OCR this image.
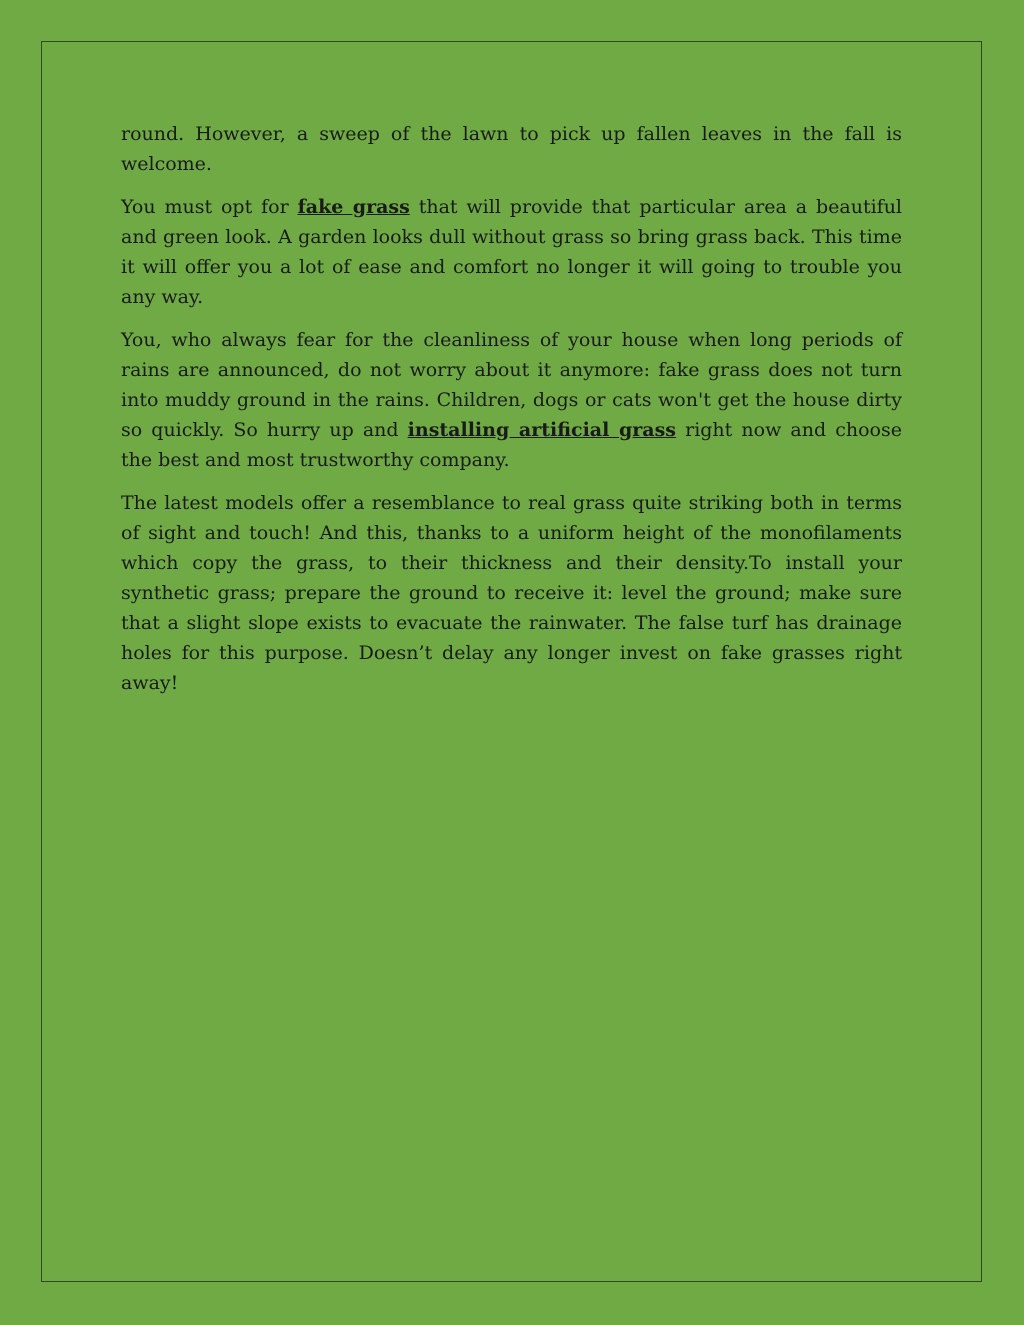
round. However, a sweep of the lawn to pick up fallen leaves in the fall is welcome.

You must opt for fake grass that will provide that particular area a beautiful and green look. A garden looks dull without grass so bring grass back. This time it will offer you a lot of ease and comfort no longer it will going to trouble you any way.

You, who always fear for the cleanliness of your house when long periods of rains are announced, do not worry about it anymore: fake grass does not turn into muddy ground in the rains. Children, dogs or cats won't get the house dirty so quickly. So hurry up and installing artificial grass right now and choose the best and most trustworthy company.

The latest models offer a resemblance to real grass quite striking both in terms of sight and touch! And this, thanks to a uniform height of the monofilaments which copy the grass, to their thickness and their density.To install your synthetic grass; prepare the ground to receive it: level the ground; make sure that a slight slope exists to evacuate the rainwater. The false turf has drainage holes for this purpose. Doesn’t delay any longer invest on fake grasses right away!
